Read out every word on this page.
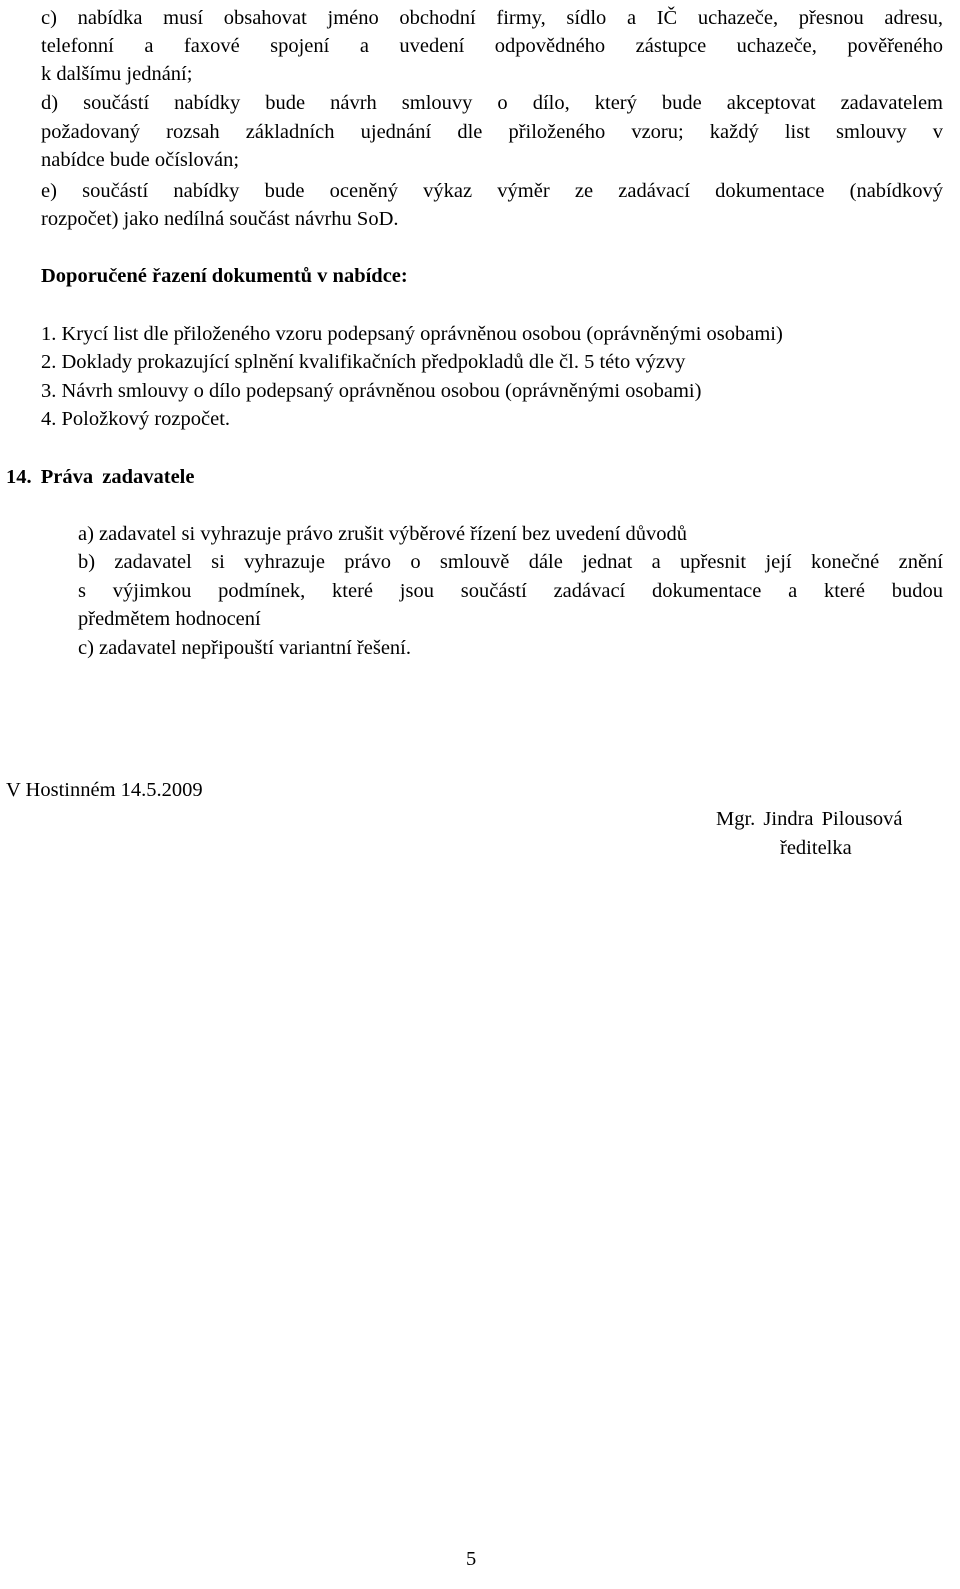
c) nabídka musí obsahovat jméno obchodní firmy, sídlo a IČ uchazeče, přesnou adresu,
telefonní a faxové spojení a uvedení odpovědného zástupce uchazeče, pověřeného
k dalšímu jednání;
d) součástí nabídky bude návrh smlouvy o dílo, který bude akceptovat zadavatelem
požadovaný rozsah základních ujednání dle přiloženého vzoru; každý list smlouvy v
nabídce bude očíslován;
e) součástí nabídky bude oceněný výkaz výměr ze zadávací dokumentace (nabídkový
rozpočet) jako nedílná součást návrhu SoD.
Doporučené řazení dokumentů v nabídce:
1. Krycí list dle přiloženého vzoru podepsaný oprávněnou osobou (oprávněnými osobami)
2. Doklady prokazující splnění kvalifikačních předpokladů dle čl. 5 této výzvy
3. Návrh smlouvy o dílo podepsaný oprávněnou osobou (oprávněnými osobami)
4. Položkový rozpočet.
14. Práva zadavatele
a) zadavatel si vyhrazuje právo zrušit výběrové řízení bez uvedení důvodů
b) zadavatel si vyhrazuje právo o smlouvě dále jednat a upřesnit její konečné znění
s výjimkou podmínek, které jsou součástí zadávací dokumentace a které budou
předmětem hodnocení
c) zadavatel nepřipouští variantní řešení.
V Hostinném 14.5.2009
Mgr. Jindra Pilousová
ředitelka
5
